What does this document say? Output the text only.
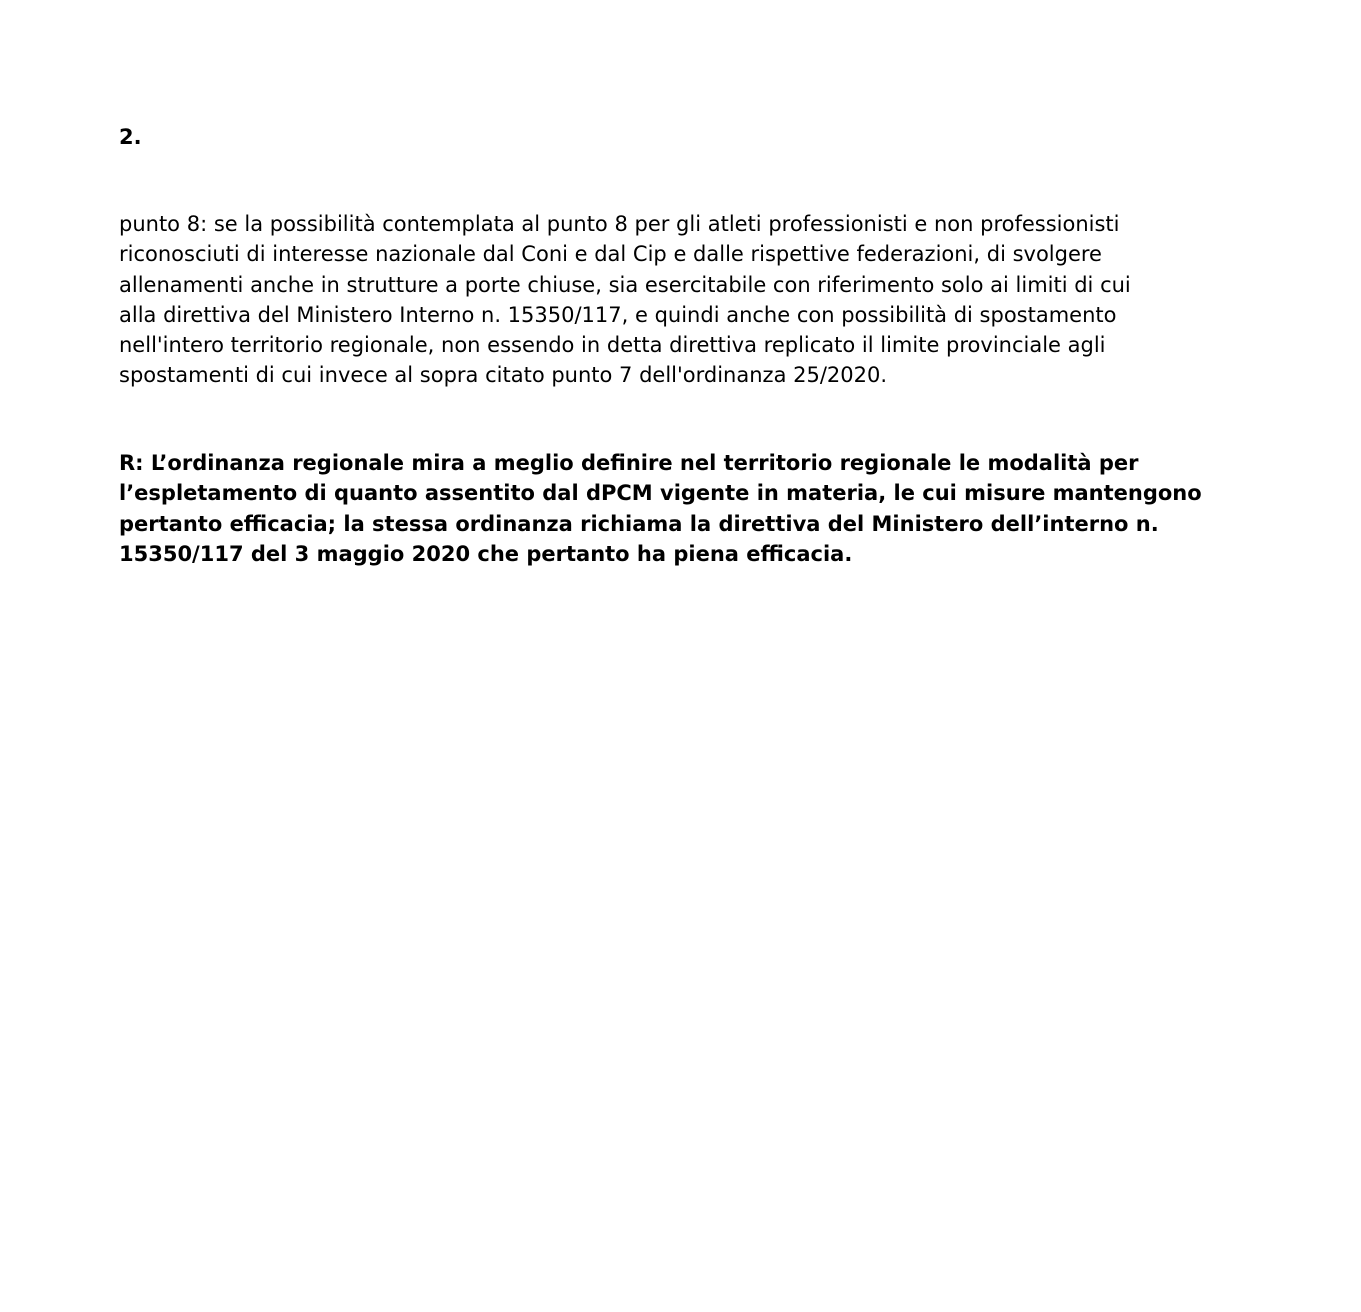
2.

punto 8: se la possibilità contemplata al punto 8 per gli atleti professionisti e non professionisti
riconosciuti di interesse nazionale dal Coni e dal Cip e dalle rispettive federazioni, di svolgere
allenamenti anche in strutture a porte chiuse, sia esercitabile con riferimento solo ai limiti di cui
alla direttiva del Ministero Interno n. 15350/117, e quindi anche con possibilità di spostamento
nell'intero territorio regionale, non essendo in detta direttiva replicato il limite provinciale agli
spostamenti di cui invece al sopra citato punto 7 dell'ordinanza 25/2020.

R: L’ordinanza regionale mira a meglio definire nel territorio regionale le modalità per
l’espletamento di quanto assentito dal dPCM vigente in materia, le cui misure mantengono
pertanto efficacia; la stessa ordinanza richiama la direttiva del Ministero dell’interno n.
15350/117 del 3 maggio 2020 che pertanto ha piena efficacia.
